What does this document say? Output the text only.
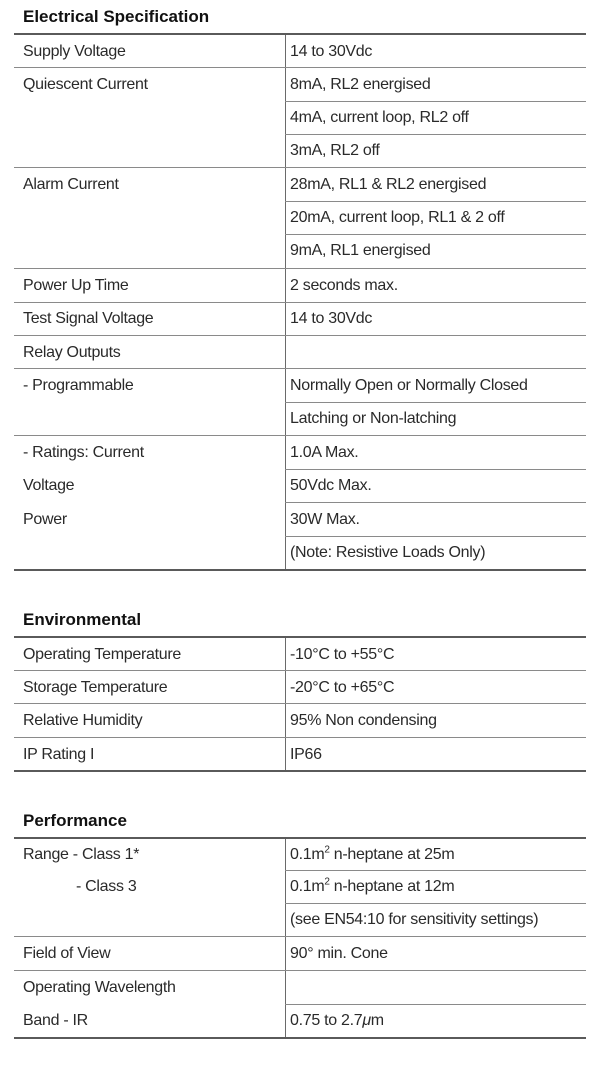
Electrical Specification
Supply Voltage	14 to 30Vdc
Quiescent Current	8mA, RL2 energised
4mA, current loop, RL2 off
3mA, RL2 off
Alarm Current	28mA, RL1 & RL2 energised
20mA, current loop, RL1 & 2 off
9mA, RL1 energised
Power Up Time	2 seconds max.
Test Signal Voltage	14 to 30Vdc
Relay Outputs
- Programmable	Normally Open or Normally Closed
Latching or Non-latching
- Ratings: Current	1.0A Max.
Voltage	50Vdc Max.
Power	30W Max.
(Note: Resistive Loads Only)
Environmental
Operating Temperature	-10°C to +55°C
Storage Temperature	-20°C to +65°C
Relative Humidity	95% Non condensing
IP Rating I	IP66
Performance
Range - Class 1*	$0.1m^2$ n-heptane at 25m
- Class 3	$0.1m^2$ n-heptane at 12m
(see EN54:10 for sensitivity settings)
Field of View	90° min. Cone
Operating Wavelength
Band - IR	0.75 to 2.7μm
